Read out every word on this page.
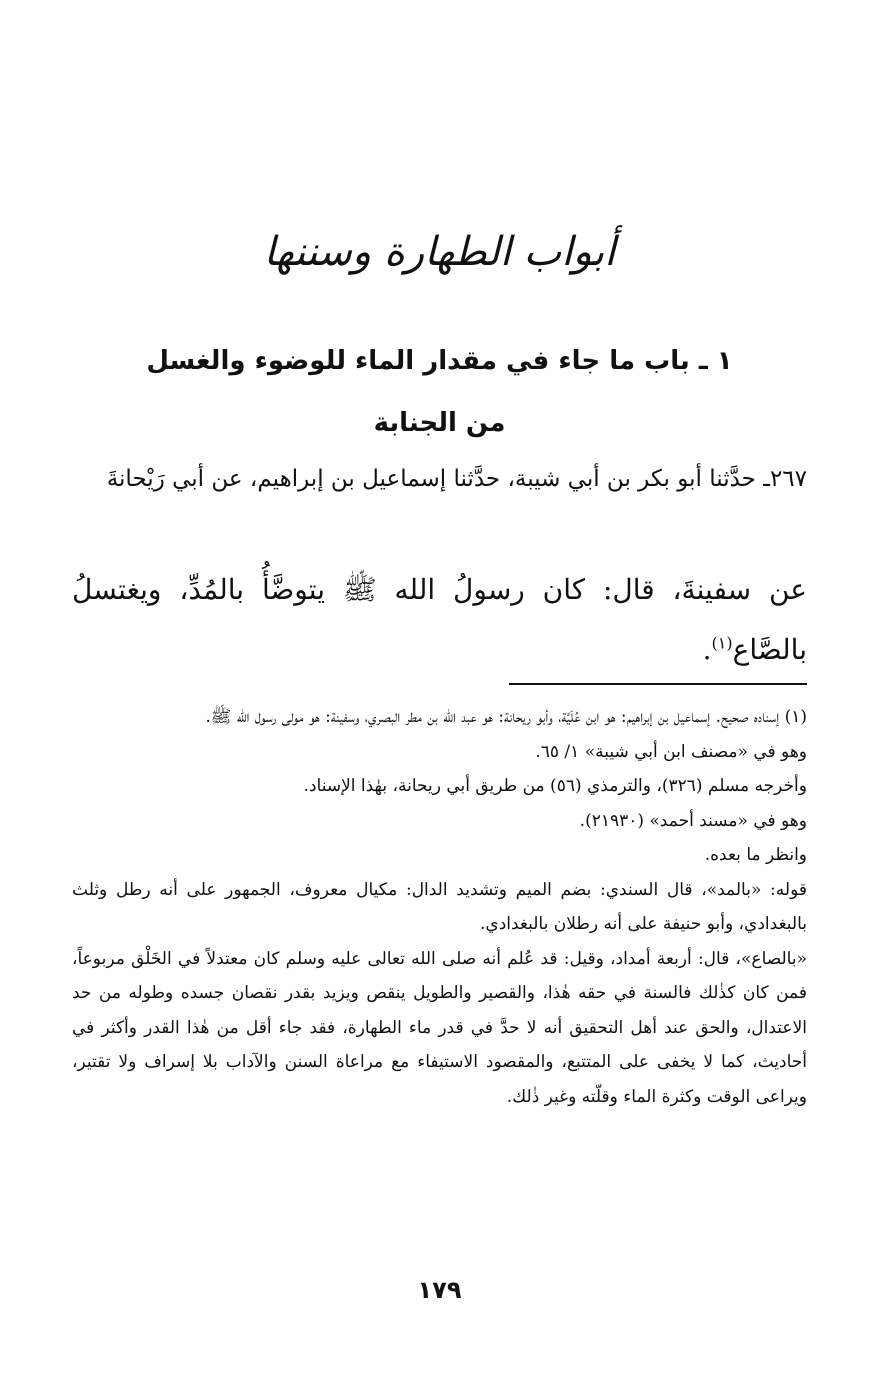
أبواب الطهارة وسننها
١ ـ باب ما جاء في مقدار الماء للوضوء والغسل
من الجنابة

٢٦٧ـ حدَّثنا أبو بكر بن أبي شيبة، حدَّثنا إسماعيل بن إبراهيم، عن أبي رَيْحانةَ

عن سفينةَ، قال: كان رسولُ الله ﷺ يتوضَّأُ بالمُدِّ، ويغتسلُ بالصَّاع$^{(١)}$.

(١) إسناده صحيح. إسماعيل بن إبراهيم: هو ابن عُلَيَّة، وأبو ريحانة: هو عبد الله بن مطر البصري، وسفينة: هو مولى رسول الله ﷺ.

وهو في «مصنف ابن أبي شيبة» ١/ ٦٥.

وأخرجه مسلم (٣٢٦)، والترمذي (٥٦) من طريق أبي ريحانة، بهٰذا الإسناد.

وهو في «مسند أحمد» (٢١٩٣٠).

وانظر ما بعده.

قوله: «بالمد»، قال السندي: بضم الميم وتشديد الدال: مكيال معروف، الجمهور على أنه رطل وثلث بالبغدادي، وأبو حنيفة على أنه رطلان بالبغدادي.

«بالصاع»، قال: أربعة أمداد، وقيل: قد عُلم أنه صلى الله تعالى عليه وسلم كان معتدلاً في الخَلْق مربوعاً، فمن كان كذٰلك فالسنة في حقه هٰذا، والقصير والطويل ينقص ويزيد بقدر نقصان جسده وطوله من حد الاعتدال، والحق عند أهل التحقيق أنه لا حدَّ في قدر ماء الطهارة، فقد جاء أقل من هٰذا القدر وأكثر في أحاديث، كما لا يخفى على المتتبع، والمقصود الاستيفاء مع مراعاة السنن والآداب بلا إسراف ولا تقتير، ويراعى الوقت وكثرة الماء وقلّته وغير ذٰلك.

١٧٩
